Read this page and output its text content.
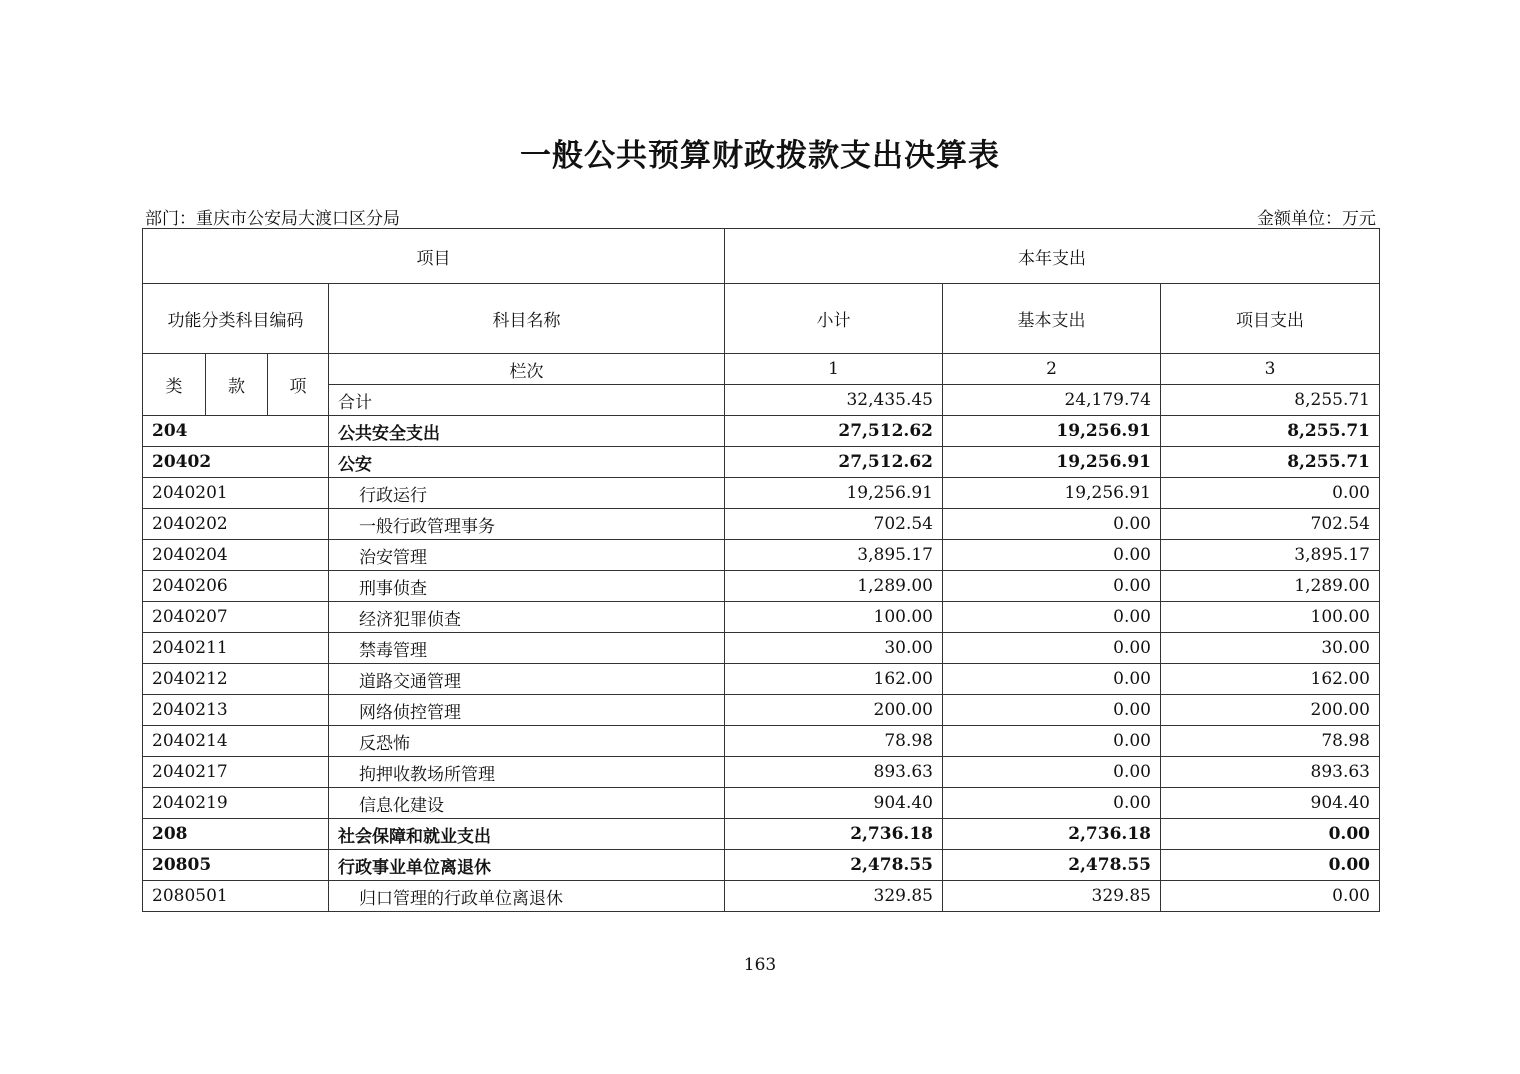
一般公共预算财政拨款支出决算表
部门：重庆市公安局大渡口区分局	金额单位：万元
项目				本年支出		
功能分类科目编码			科目名称	小计	基本支出	项目支出
类	款	项	栏次	1	2	3
			合计	32,435.45	24,179.74	8,255.71
204			公共安全支出	27,512.62	19,256.91	8,255.71
20402			公安	27,512.62	19,256.91	8,255.71
2040201			行政运行	19,256.91	19,256.91	0.00
2040202			一般行政管理事务	702.54	0.00	702.54
2040204			治安管理	3,895.17	0.00	3,895.17
2040206			刑事侦查	1,289.00	0.00	1,289.00
2040207			经济犯罪侦查	100.00	0.00	100.00
2040211			禁毒管理	30.00	0.00	30.00
2040212			道路交通管理	162.00	0.00	162.00
2040213			网络侦控管理	200.00	0.00	200.00
2040214			反恐怖	78.98	0.00	78.98
2040217			拘押收教场所管理	893.63	0.00	893.63
2040219			信息化建设	904.40	0.00	904.40
208			社会保障和就业支出	2,736.18	2,736.18	0.00
20805			行政事业单位离退休	2,478.55	2,478.55	0.00
2080501			归口管理的行政单位离退休	329.85	329.85	0.00
163
